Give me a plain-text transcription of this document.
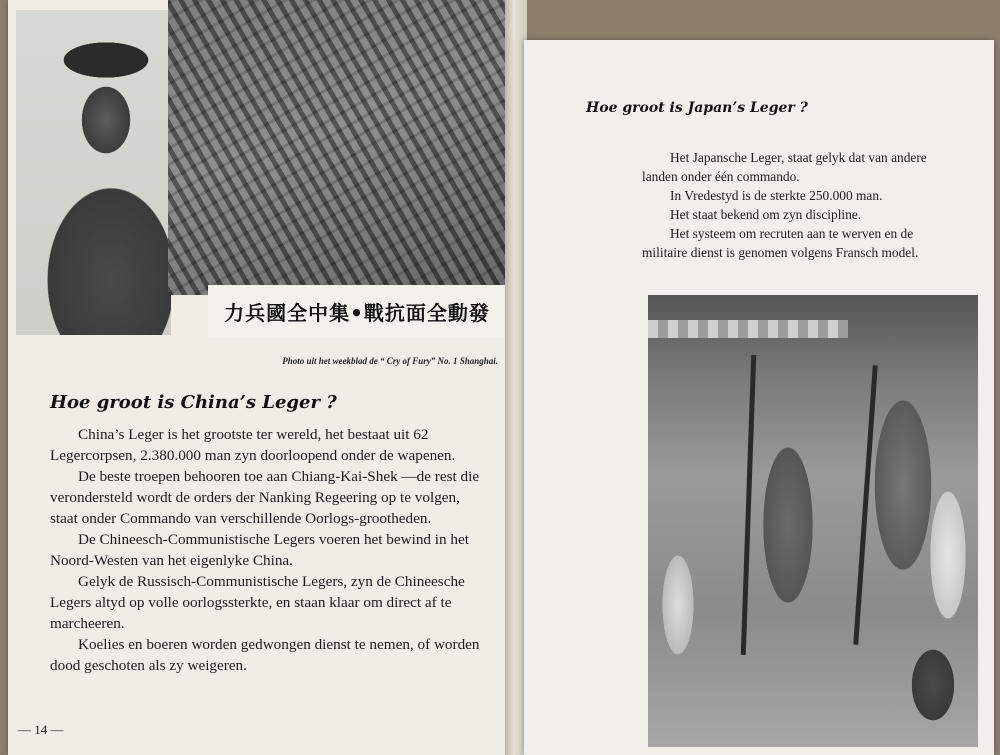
力兵國全中集•戰抗面全動發
Photo uit het weekblad de “ Cry of Fury” No. 1 Shanghai.
Hoe groot is China’s Leger ?

China’s Leger is het grootste ter wereld, het bestaat uit 62 Legercorpsen, 2.380.000 man zyn doorloopend onder de wapenen.

De beste troepen behooren toe aan Chiang-Kai-Shek —de rest die verondersteld wordt de orders der Nanking Regeering op te volgen, staat onder Commando van verschillende Oorlogs-grootheden.

De Chineesch-Communistische Legers voeren het bewind in het Noord-Westen van het eigenlyke China.

Gelyk de Russisch-Communistische Legers, zyn de Chineesche Legers altyd op volle oorlogssterkte, en staan klaar om direct af te marcheeren.

Koelies en boeren worden gedwongen dienst te nemen, of worden dood geschoten als zy weigeren.

— 14 —
Hoe groot is Japan’s Leger ?

Het Japansche Leger, staat gelyk dat van andere landen onder één commando.

In Vredestyd is de sterkte 250.000 man.

Het staat bekend om zyn discipline.

Het systeem om recruten aan te werven en de militaire dienst is genomen volgens Fransch model.
